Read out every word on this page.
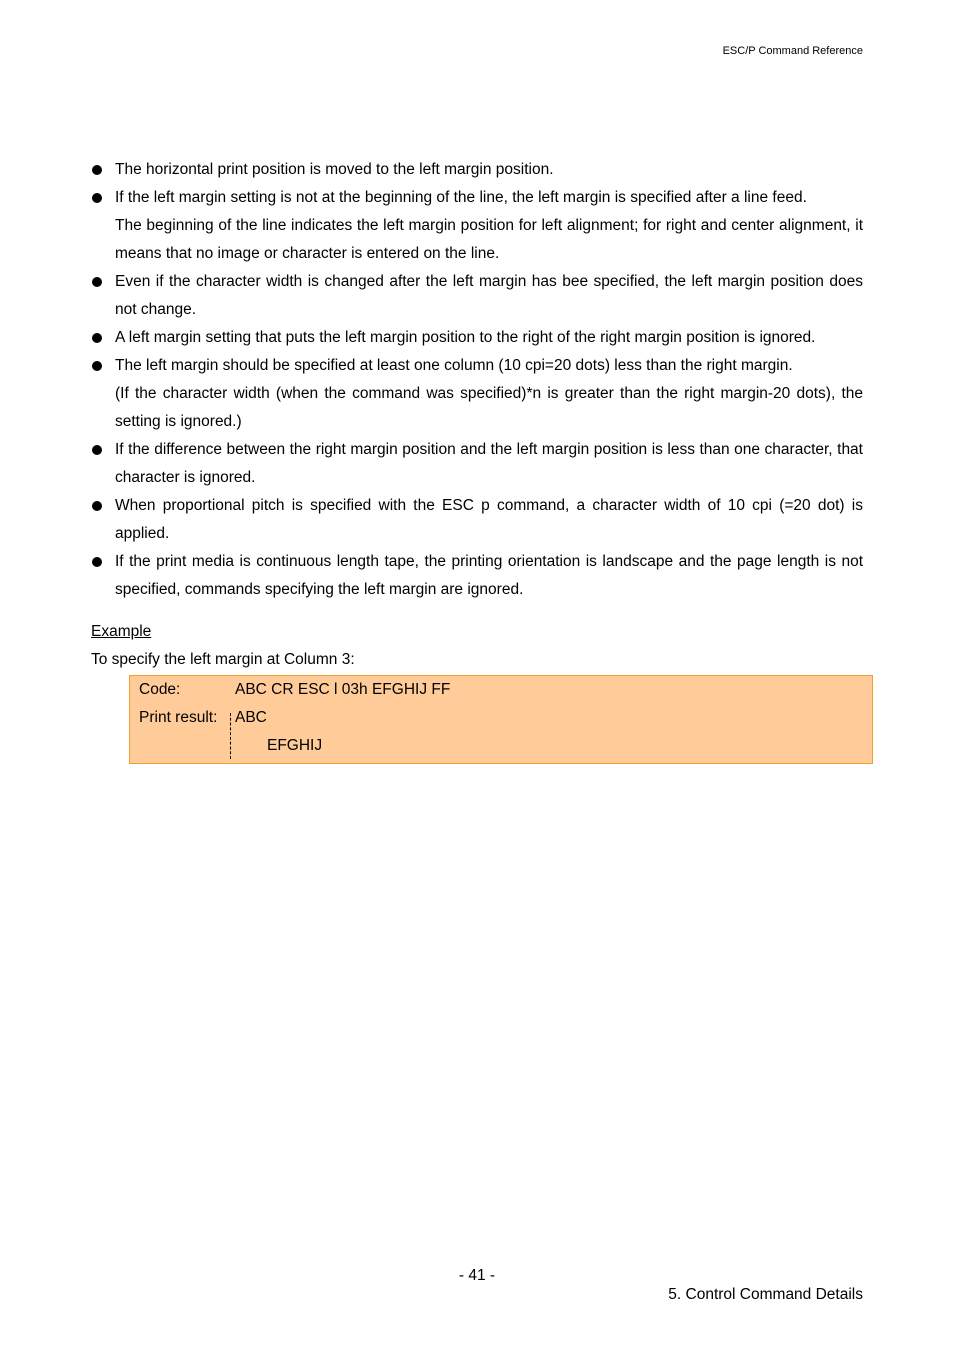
ESC/P Command Reference

The horizontal print position is moved to the left margin position.

If the left margin setting is not at the beginning of the line, the left margin is specified after a line feed.

The beginning of the line indicates the left margin position for left alignment; for right and center alignment, it means that no image or character is entered on the line.

Even if the character width is changed after the left margin has bee specified, the left margin position does not change.

A left margin setting that puts the left margin position to the right of the right margin position is ignored.

The left margin should be specified at least one column (10 cpi=20 dots) less than the right margin.

(If the character width (when the command was specified)*n is greater than the right margin-20 dots), the setting is ignored.)

If the difference between the right margin position and the left margin position is less than one character, that character is ignored.

When proportional pitch is specified with the ESC p command, a character width of 10 cpi (=20 dot) is applied.

If the print media is continuous length tape, the printing orientation is landscape and the page length is not specified, commands specifying the left margin are ignored.

Example
To specify the left margin at Column 3:
Code:	ABC CR ESC l 03h EFGHIJ FF
Print result: ABC
EFGHIJ
- 41 -
5. Control Command Details
